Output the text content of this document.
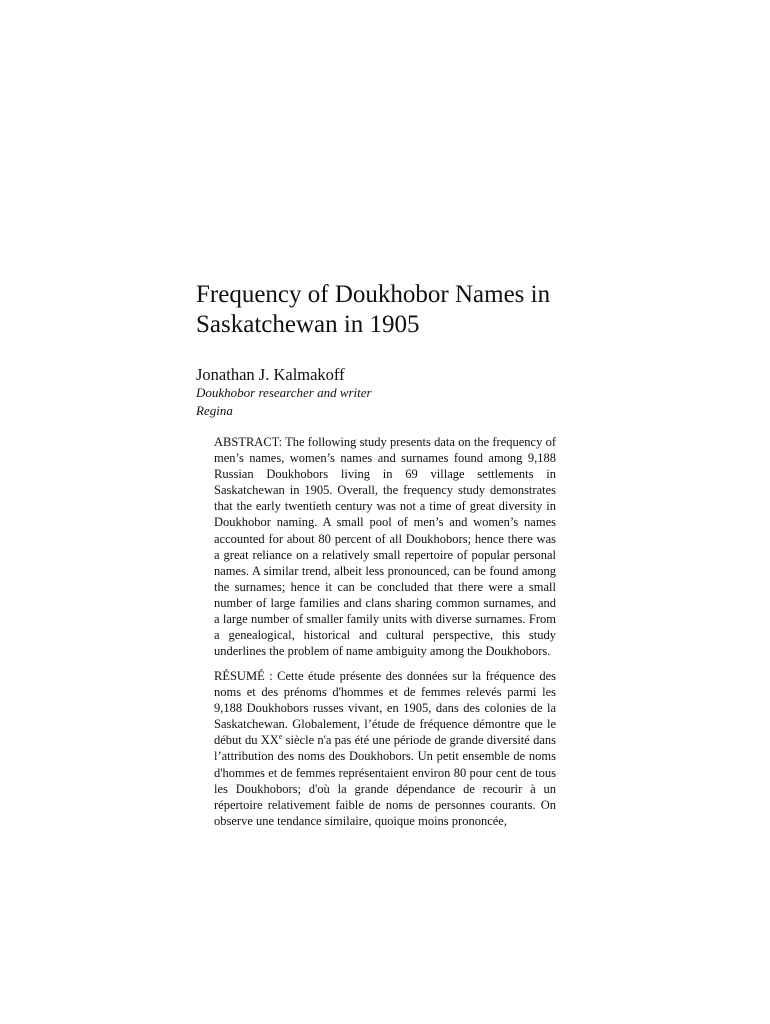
Frequency of Doukhobor Names in
Saskatchewan in 1905
Jonathan J. Kalmakoff
Doukhobor researcher and writer
Regina

ABSTRACT: The following study presents data on the frequency of men’s names, women’s names and surnames found among 9,188 Russian Doukhobors living in 69 village settlements in Saskatchewan in 1905. Overall, the frequency study demonstrates that the early twentieth century was not a time of great diversity in Doukhobor naming. A small pool of men’s and women’s names accounted for about 80 percent of all Doukhobors; hence there was a great reliance on a relatively small repertoire of popular personal names. A similar trend, albeit less pronounced, can be found among the surnames; hence it can be concluded that there were a small number of large families and clans sharing common surnames, and a large number of smaller family units with diverse surnames. From a genealogical, historical and cultural perspective, this study underlines the problem of name ambiguity among the Doukhobors.

RÉSUMÉ : Cette étude présente des données sur la fréquence des noms et des prénoms d'hommes et de femmes relevés parmi les 9,188 Doukhobors russes vivant, en 1905, dans des colonies de la Saskatchewan. Globalement, l’étude de fréquence démontre que le début du XXe siècle n'a pas été une période de grande diversité dans l’attribution des noms des Doukhobors. Un petit ensemble de noms d'hommes et de femmes représentaient environ 80 pour cent de tous les Doukhobors; d'où la grande dépendance de recourir à un répertoire relativement faible de noms de personnes courants. On observe une tendance similaire, quoique moins prononcée,
